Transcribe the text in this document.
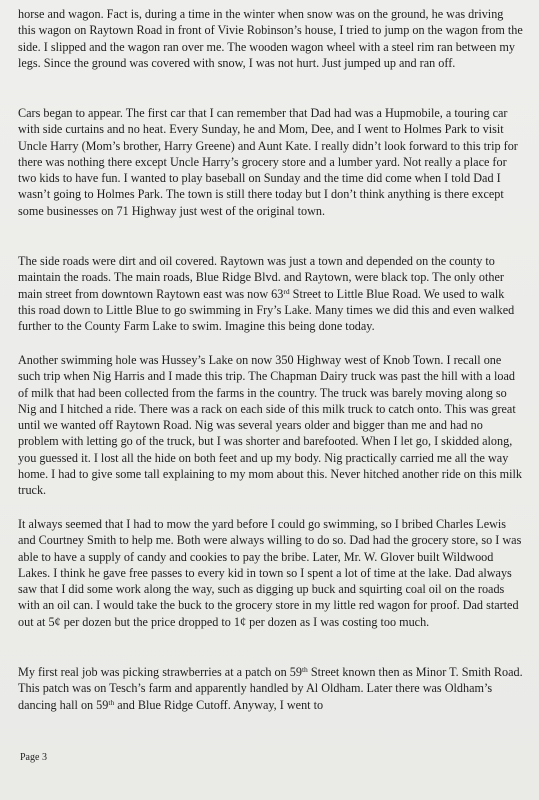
horse and wagon. Fact is, during a time in the winter when snow was on the ground, he was driving this wagon on Raytown Road in front of Vivie Robinson’s house, I tried to jump on the wagon from the side. I slipped and the wagon ran over me. The wooden wagon wheel with a steel rim ran between my legs. Since the ground was covered with snow, I was not hurt. Just jumped up and ran off.

Cars began to appear. The first car that I can remember that Dad had was a Hupmobile, a touring car with side curtains and no heat. Every Sunday, he and Mom, Dee, and I went to Holmes Park to visit Uncle Harry (Mom’s brother, Harry Greene) and Aunt Kate. I really didn’t look forward to this trip for there was nothing there except Uncle Harry’s grocery store and a lumber yard. Not really a place for two kids to have fun. I wanted to play baseball on Sunday and the time did come when I told Dad I wasn’t going to Holmes Park. The town is still there today but I don’t think anything is there except some businesses on 71 Highway just west of the original town.

The side roads were dirt and oil covered. Raytown was just a town and depended on the county to maintain the roads. The main roads, Blue Ridge Blvd. and Raytown, were black top. The only other main street from downtown Raytown east was now 63rd Street to Little Blue Road. We used to walk this road down to Little Blue to go swimming in Fry’s Lake. Many times we did this and even walked further to the County Farm Lake to swim. Imagine this being done today.

Another swimming hole was Hussey’s Lake on now 350 Highway west of Knob Town. I recall one such trip when Nig Harris and I made this trip. The Chapman Dairy truck was past the hill with a load of milk that had been collected from the farms in the country. The truck was barely moving along so Nig and I hitched a ride. There was a rack on each side of this milk truck to catch onto. This was great until we wanted off Raytown Road. Nig was several years older and bigger than me and had no problem with letting go of the truck, but I was shorter and barefooted. When I let go, I skidded along, you guessed it. I lost all the hide on both feet and up my body. Nig practically carried me all the way home. I had to give some tall explaining to my mom about this. Never hitched another ride on this milk truck.

It always seemed that I had to mow the yard before I could go swimming, so I bribed Charles Lewis and Courtney Smith to help me. Both were always willing to do so. Dad had the grocery store, so I was able to have a supply of candy and cookies to pay the bribe. Later, Mr. W. Glover built Wildwood Lakes. I think he gave free passes to every kid in town so I spent a lot of time at the lake. Dad always saw that I did some work along the way, such as digging up buck and squirting coal oil on the roads with an oil can. I would take the buck to the grocery store in my little red wagon for proof. Dad started out at 5¢ per dozen but the price dropped to 1¢ per dozen as I was costing too much.

My first real job was picking strawberries at a patch on 59th Street known then as Minor T. Smith Road. This patch was on Tesch’s farm and apparently handled by Al Oldham. Later there was Oldham’s dancing hall on 59th and Blue Ridge Cutoff. Anyway, I went to

Page 3
